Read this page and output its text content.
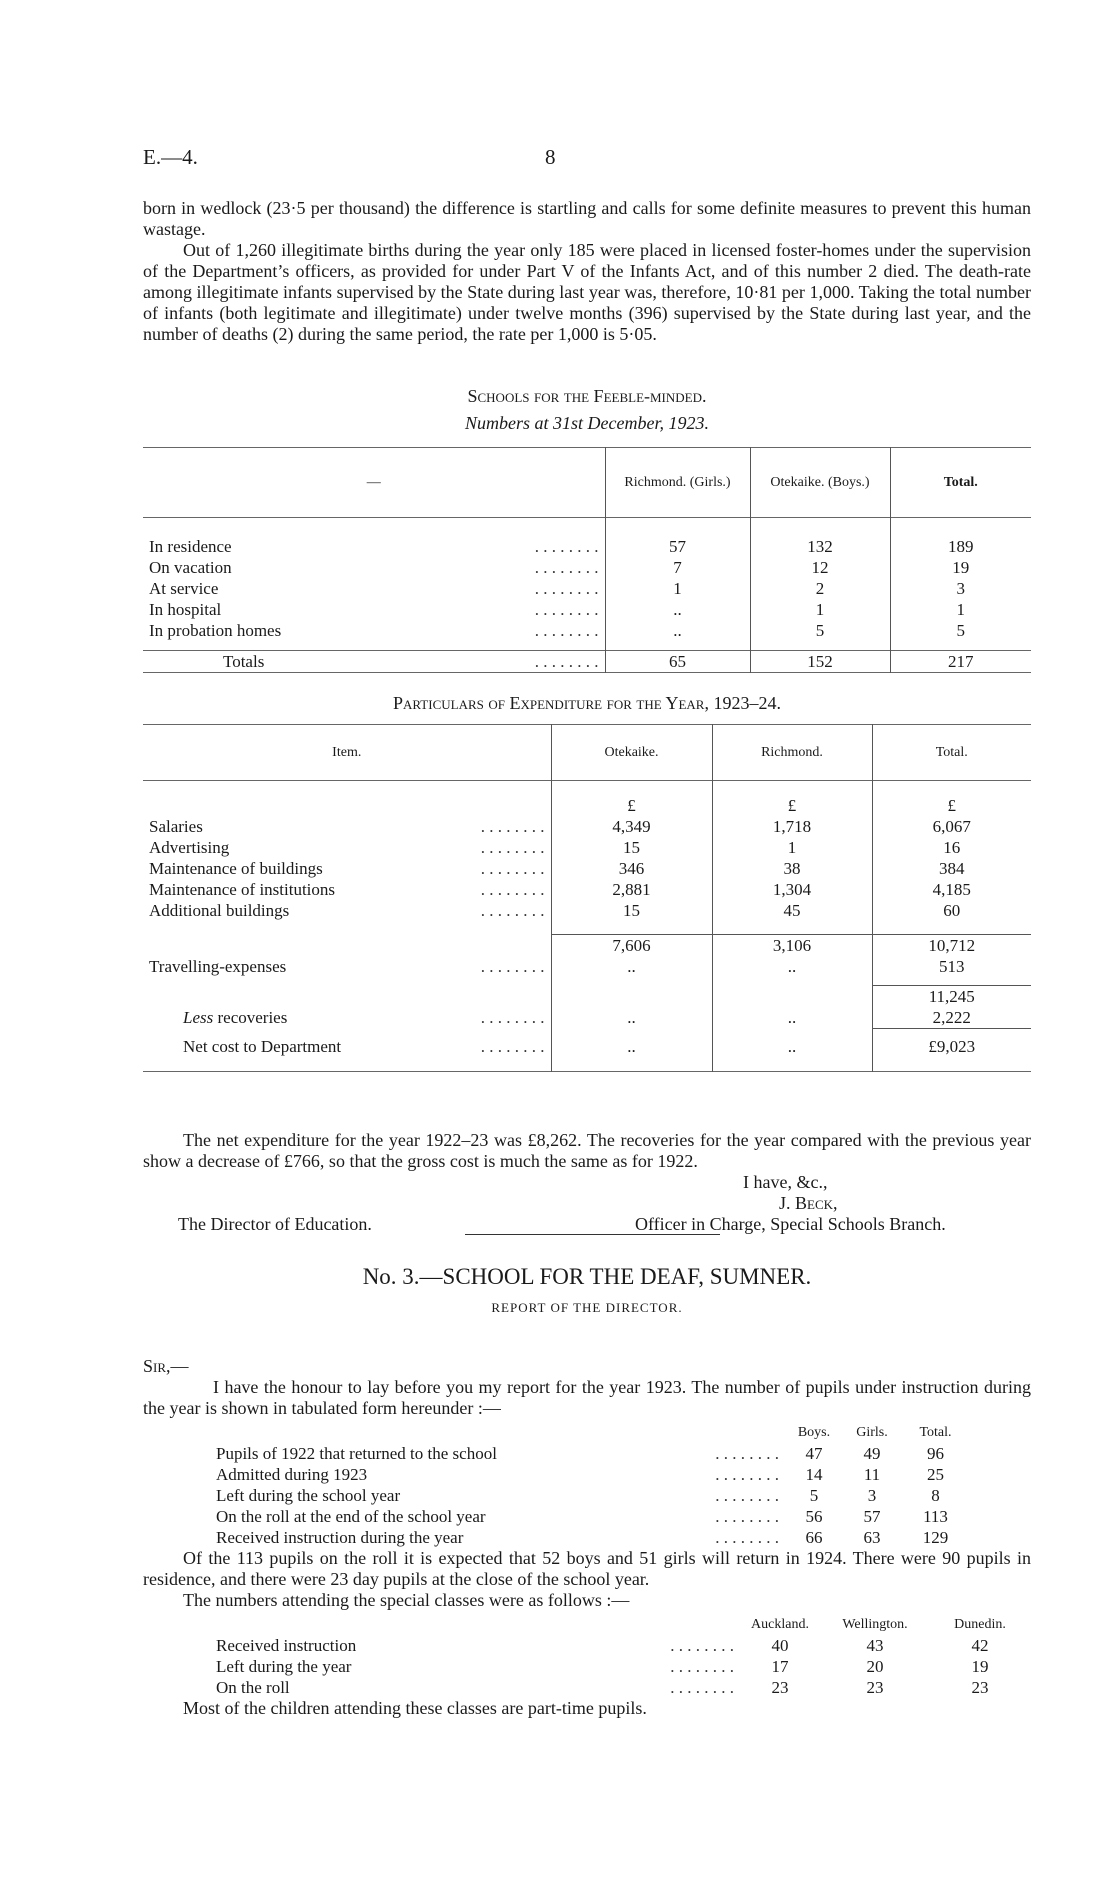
E.—4.	8

born in wedlock (23·5 per thousand) the difference is startling and calls for some definite measures to prevent this human wastage.

Out of 1,260 illegitimate births during the year only 185 were placed in licensed foster-homes under the supervision of the Department’s officers, as provided for under Part V of the Infants Act, and of this number 2 died. The death-rate among illegitimate infants supervised by the State during last year was, therefore, 10·81 per 1,000. Taking the total number of infants (both legitimate and illegitimate) under twelve months (396) supervised by the State during last year, and the number of deaths (2) during the same period, the rate per 1,000 is 5·05.

Schools for the Feeble-minded.
Numbers at 31st December, 1923.
—	Richmond. (Girls.)	Otekaike. (Boys.)	Total.

In residence . . . . . . . .	57	132	189
On vacation . . . . . . . .	7	12	19
At service . . . . . . . .	1	2	3
In hospital . . . . . . . .	..	1	1
In probation homes . . . . . . . .	..	5	5

Totals . . . . . . . .	65	152	217
Particulars of Expenditure for the Year, 1923–24.
Item.	Otekaike.	Richmond.	Total.

	£	£	£
Salaries . . . . . . . .	4,349	1,718	6,067
Advertising . . . . . . . .	15	1	16
Maintenance of buildings . . . . . . . .	346	38	384
Maintenance of institutions . . . . . . . .	2,881	1,304	4,185
Additional buildings . . . . . . . .	15	45	60

	7,606	3,106	10,712
Travelling-expenses . . . . . . . .	..	..	513

			11,245
Less recoveries . . . . . . . .	..	..	2,222

Net cost to Department . . . . . . . .	..	..	£9,023

The net expenditure for the year 1922–23 was £8,262. The recoveries for the year compared with the previous year show a decrease of £766, so that the gross cost is much the same as for 1922.

I have, &c.,
J. Beck,
The Director of Education.	Officer in Charge, Special Schools Branch.
No. 3.—SCHOOL FOR THE DEAF, SUMNER.
REPORT OF THE DIRECTOR.
Sir,—

I have the honour to lay before you my report for the year 1923. The number of pupils under instruction during the year is shown in tabulated form hereunder :—

	Boys.	Girls.	Total.
Pupils of 1922 that returned to the school . . . . . . . .	47	49	96
Admitted during 1923 . . . . . . . .	14	11	25
Left during the school year . . . . . . . .	5	3	8
On the roll at the end of the school year . . . . . . . .	56	57	113
Received instruction during the year . . . . . . . .	66	63	129

Of the 113 pupils on the roll it is expected that 52 boys and 51 girls will return in 1924. There were 90 pupils in residence, and there were 23 day pupils at the close of the school year.

The numbers attending the special classes were as follows :—

	Auckland.	Wellington.	Dunedin.
Received instruction . . . . . . . .	40	43	42
Left during the year . . . . . . . .	17	20	19
On the roll . . . . . . . .	23	23	23

Most of the children attending these classes are part-time pupils.
